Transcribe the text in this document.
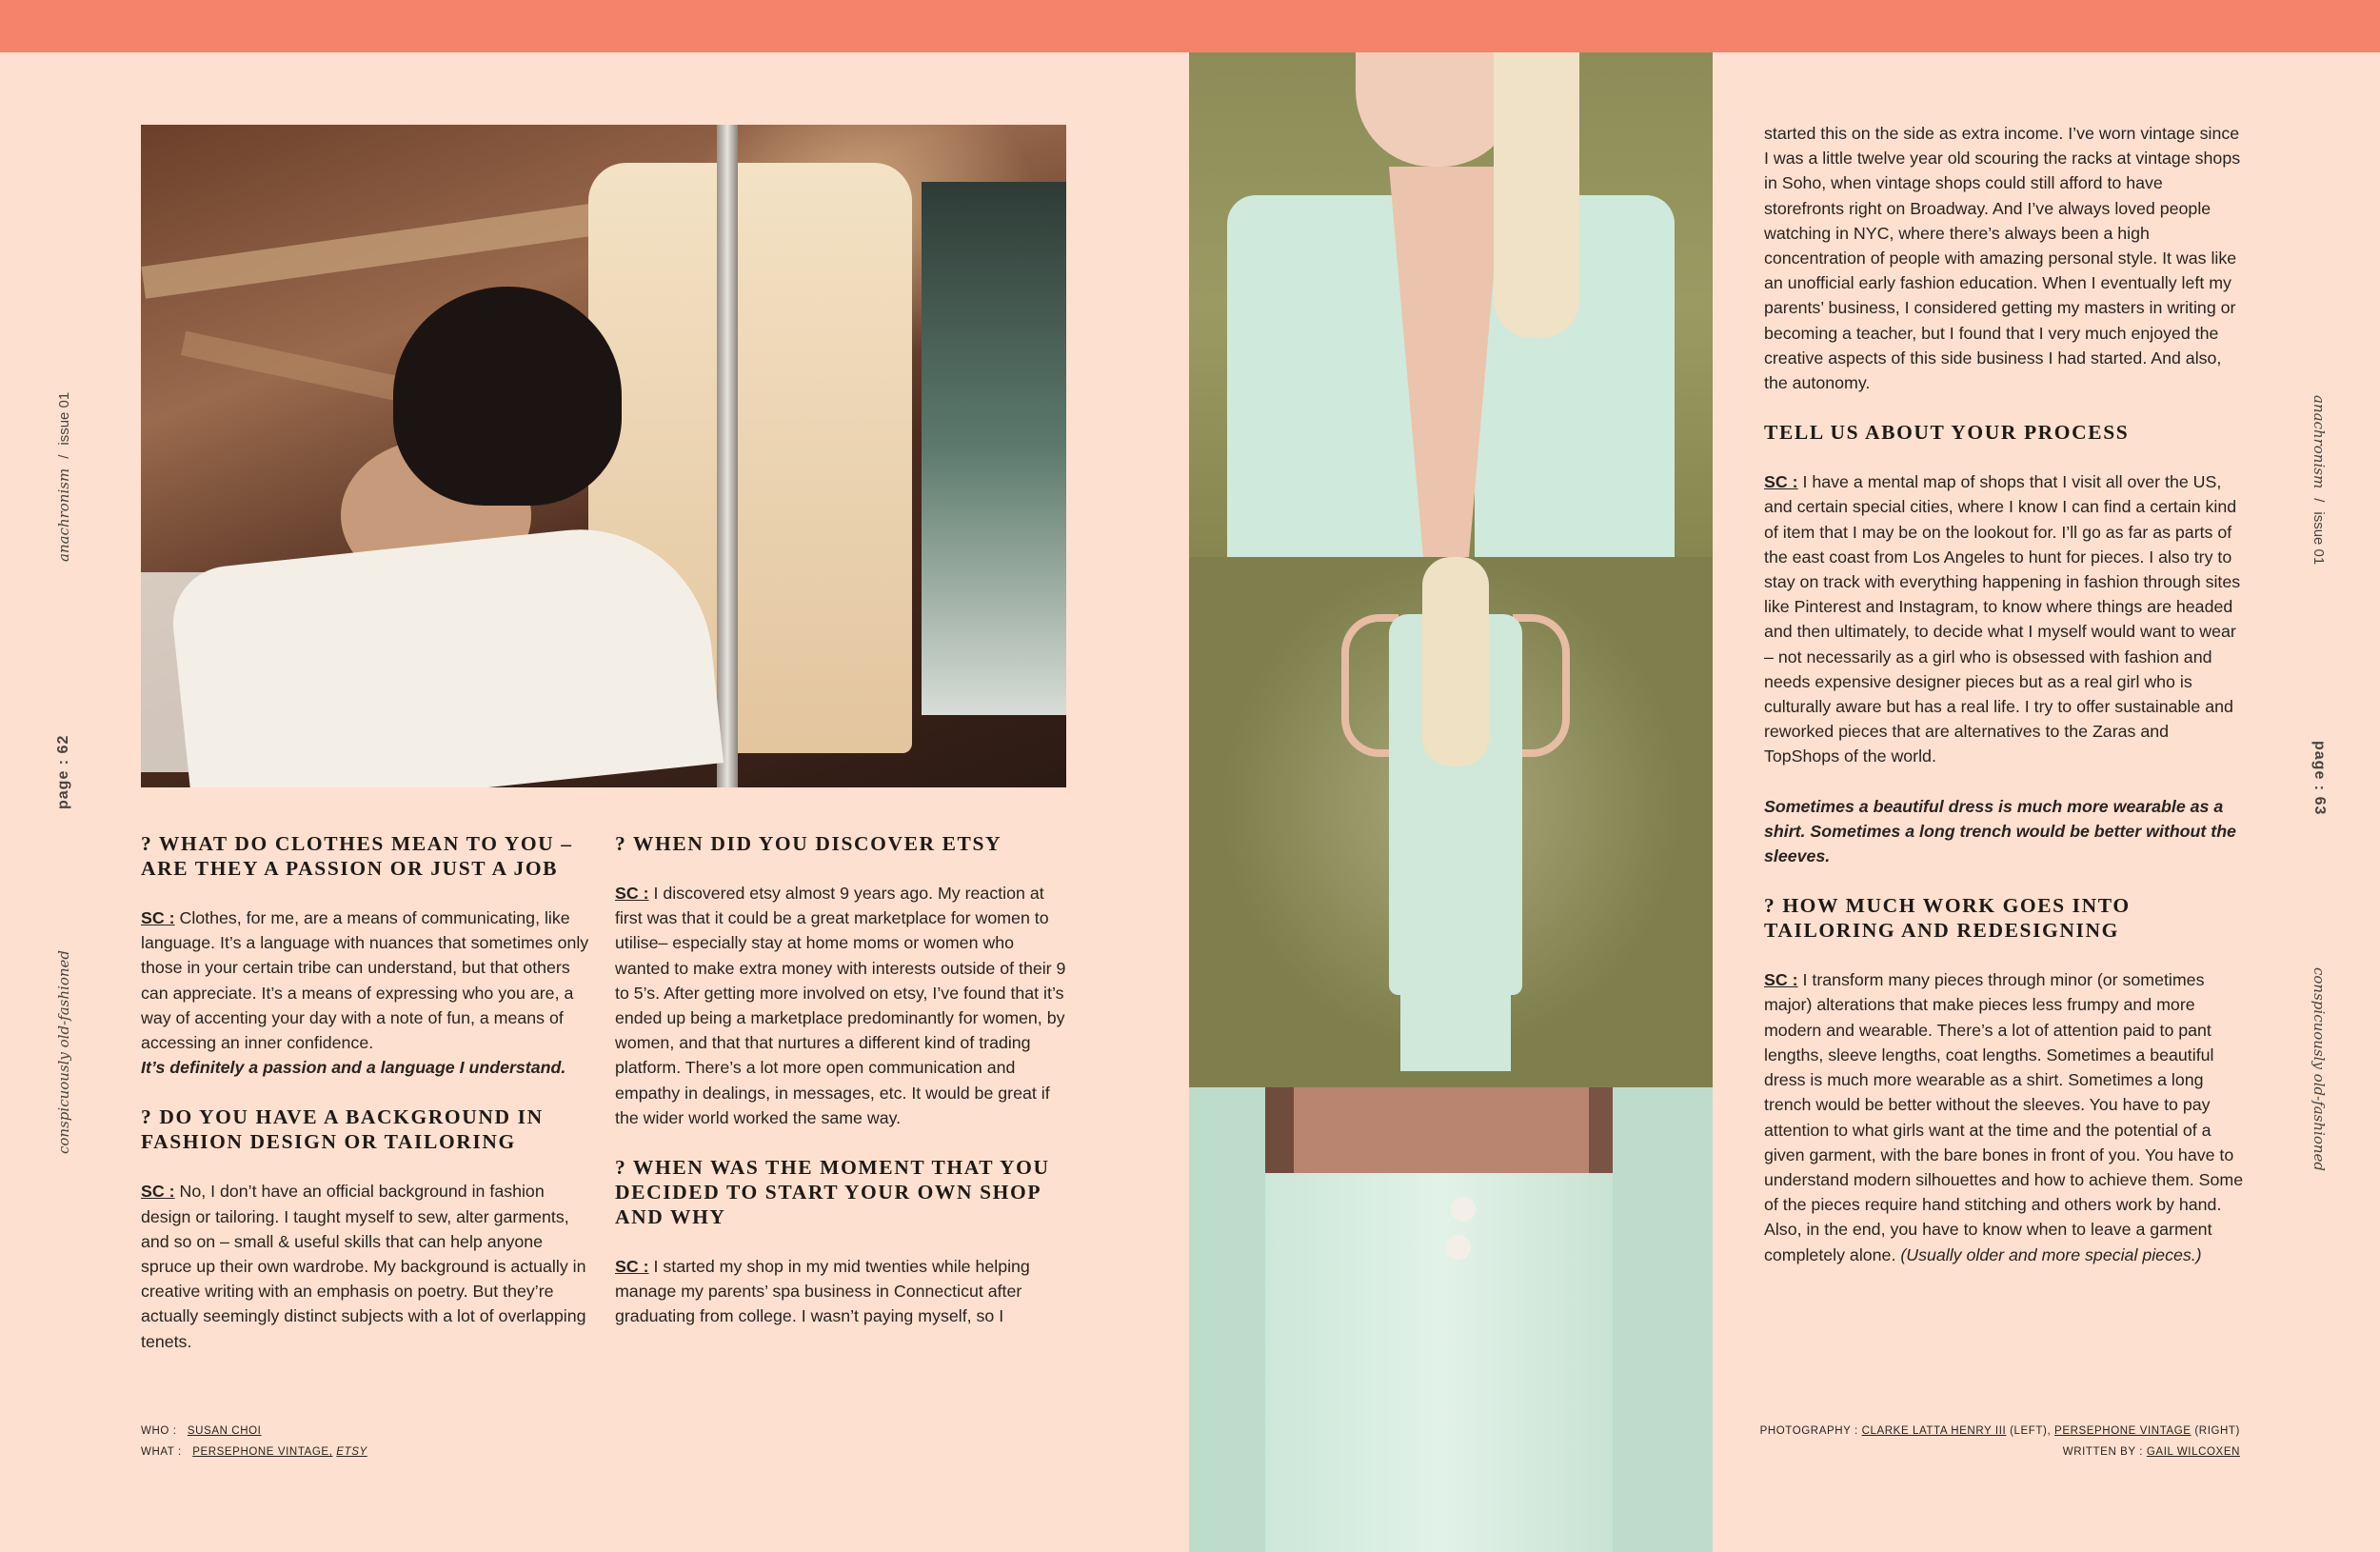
anachronism/issue 01
page : 62
conspicuously old-fashioned
anachronism/issue 01
page : 63
conspicuously old-fashioned
? WHAT DO CLOTHES MEAN TO YOU – ARE THEY A PASSION OR JUST A JOB

SC : Clothes, for me, are a means of communicating, like language. It’s a language with nuances that sometimes only those in your certain tribe can understand, but that others can appreciate. It’s a means of expressing who you are, a way of accenting your day with a note of fun, a means of accessing an inner confidence.

It’s definitely a passion and a language I understand.

? DO YOU HAVE A BACKGROUND IN FASHION DESIGN OR TAILORING

SC : No, I don’t have an official background in fashion design or tailoring. I taught myself to sew, alter garments, and so on – small & useful skills that can help anyone spruce up their own wardrobe. My background is actually in creative writing with an emphasis on poetry. But they’re actually seemingly distinct subjects with a lot of overlapping tenets.

? WHEN DID YOU DISCOVER ETSY

SC : I discovered etsy almost 9 years ago. My reaction at first was that it could be a great marketplace for women to utilise– especially stay at home moms or women who wanted to make extra money with interests outside of their 9 to 5’s. After getting more involved on etsy, I’ve found that it’s ended up being a marketplace predominantly for women, by women, and that that nurtures a different kind of trading platform. There’s a lot more open communication and empathy in dealings, in messages, etc. It would be great if the wider world worked the same way.

? WHEN WAS THE MOMENT THAT YOU DECIDED TO START YOUR OWN SHOP AND WHY

SC : I started my shop in my mid twenties while helping manage my parents’ spa business in Connecticut after graduating from college. I wasn’t paying myself, so I

started this on the side as extra income. I’ve worn vintage since I was a little twelve year old scouring the racks at vintage shops in Soho, when vintage shops could still afford to have storefronts right on Broadway. And I’ve always loved people watching in NYC, where there’s always been a high concentration of people with amazing personal style. It was like an unofficial early fashion education. When I eventually left my parents’ business, I considered getting my masters in writing or becoming a teacher, but I found that I very much enjoyed the creative aspects of this side business I had started. And also, the autonomy.

TELL US ABOUT YOUR PROCESS

SC : I have a mental map of shops that I visit all over the US, and certain special cities, where I know I can find a certain kind of item that I may be on the lookout for. I’ll go as far as parts of the east coast from Los Angeles to hunt for pieces. I also try to stay on track with everything happening in fashion through sites like Pinterest and Instagram, to know where things are headed and then ultimately, to decide what I myself would want to wear – not necessarily as a girl who is obsessed with fashion and needs expensive designer pieces but as a real girl who is culturally aware but has a real life. I try to offer sustainable and reworked pieces that are alternatives to the Zaras and TopShops of the world.

Sometimes a beautiful dress is much more wearable as a shirt. Sometimes a long trench would be better without the sleeves.

? HOW MUCH WORK GOES INTO TAILORING AND REDESIGNING

SC : I transform many pieces through minor (or sometimes major) alterations that make pieces less frumpy and more modern and wearable. There’s a lot of attention paid to pant lengths, sleeve lengths, coat lengths. Sometimes a beautiful dress is much more wearable as a shirt. Sometimes a long trench would be better without the sleeves. You have to pay attention to what girls want at the time and the potential of a given garment, with the bare bones in front of you. You have to understand modern silhouettes and how to achieve them. Some of the pieces require hand stitching and others work by hand. Also, in the end, you have to know when to leave a garment completely alone. (Usually older and more special pieces.)

WHO : SUSAN CHOI
WHAT : PERSEPHONE VINTAGE, ETSY
PHOTOGRAPHY : CLARKE LATTA HENRY III (LEFT), PERSEPHONE VINTAGE (RIGHT)
WRITTEN BY : GAIL WILCOXEN
